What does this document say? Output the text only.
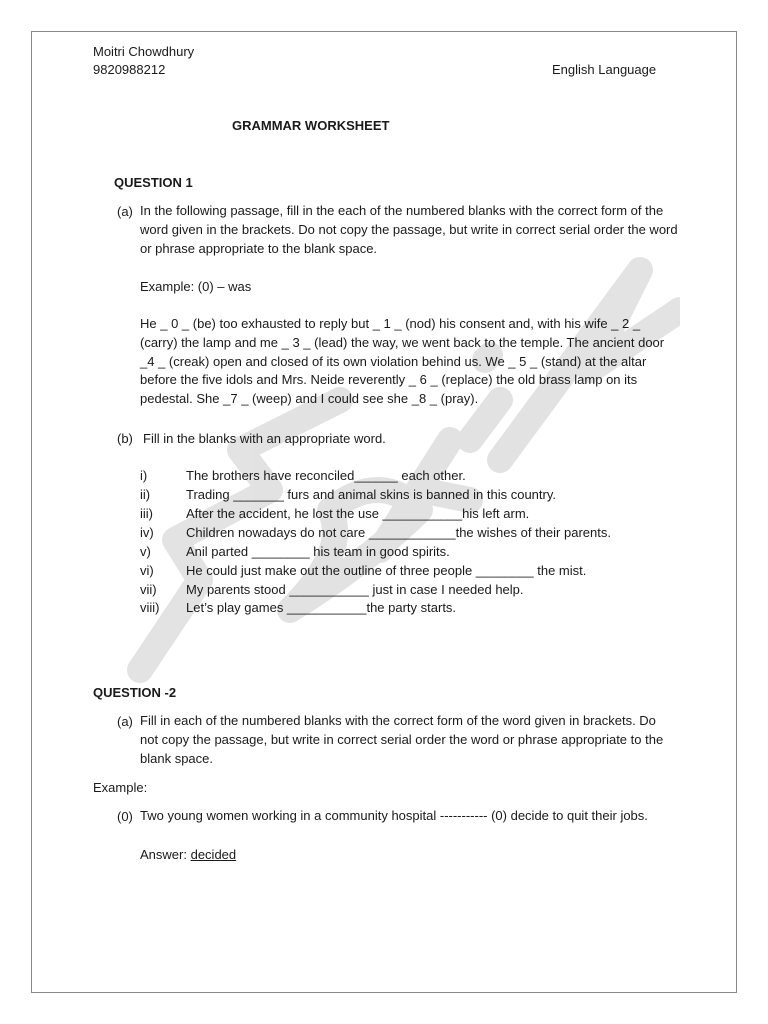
Moitri Chowdhury
9820988212	English Language
GRAMMAR WORKSHEET
QUESTION 1
(a) In the following passage, fill in the each of the numbered blanks with the correct form of the word given in the brackets. Do not copy the passage, but write in correct serial order the word or phrase appropriate to the blank space.
Example: (0) – was
He _ 0 _ (be) too exhausted to reply but _ 1 _ (nod) his consent and, with his wife _ 2 _ (carry) the lamp and me _ 3 _ (lead) the way, we went back to the temple. The ancient door _4 _ (creak) open and closed of its own violation behind us. We _ 5 _ (stand) at the altar before the five idols and Mrs. Neide reverently _ 6 _ (replace) the old brass lamp on its pedestal. She _7 _ (weep) and I could see she _8 _ (pray).
(b) Fill in the blanks with an appropriate word.
i)	The brothers have reconciled______ each other.
ii)	Trading _______ furs and animal skins is banned in this country.
iii)	After the accident, he lost the use ___________his left arm.
iv) Children nowadays do not care ____________the wishes of their parents.
v)	Anil parted ________ his team in good spirits.
vi) He could just make out the outline of three people ________ the mist.
vii) My parents stood ___________ just in case I needed help.
viii) Let’s play games ___________the party starts.
QUESTION -2
(a) Fill in each of the numbered blanks with the correct form of the word given in brackets. Do not copy the passage, but write in correct serial order the word or phrase appropriate to the blank space.
Example:
(0) Two young women working in a community hospital ----------- (0) decide to quit their jobs.
Answer: decided
